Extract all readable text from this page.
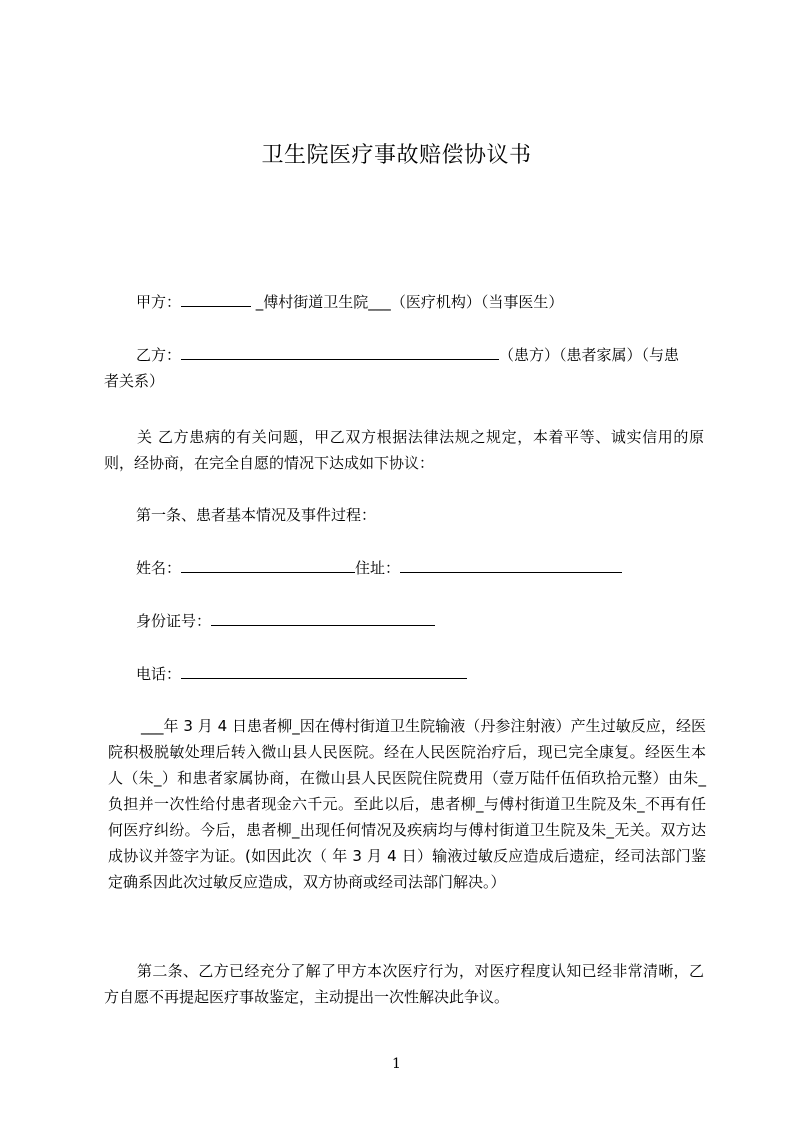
卫生院医疗事故赔偿协议书
甲方：	_傅村街道卫生院___（医疗机构）（当事医生）
乙方：	（患方）（患者家属）（与患
者关系）
关 乙方患病的有关问题，甲乙双方根据法律法规之规定，本着平等、诚实信用的原则，经协商，在完全自愿的情况下达成如下协议：
第一条、患者基本情况及事件过程：
姓名：	住址：
身份证号：
电话：
___年 3 月 4 日患者柳_因在傅村街道卫生院输液（丹参注射液）产生过敏反应，经医院积极脱敏处理后转入微山县人民医院。经在人民医院治疗后，现已完全康复。经医生本人（朱_）和患者家属协商，在微山县人民医院住院费用（壹万陆仟伍佰玖拾元整）由朱_负担并一次性给付患者现金六千元。至此以后，患者柳_与傅村街道卫生院及朱_不再有任何医疗纠纷。今后，患者柳_出现任何情况及疾病均与傅村街道卫生院及朱_无关。双方达成协议并签字为证。(如因此次（ 年 3 月 4 日）输液过敏反应造成后遗症，经司法部门鉴定确系因此次过敏反应造成，双方协商或经司法部门解决。）
第二条、乙方已经充分了解了甲方本次医疗行为，对医疗程度认知已经非常清晰，乙方自愿不再提起医疗事故鉴定，主动提出一次性解决此争议。
1
